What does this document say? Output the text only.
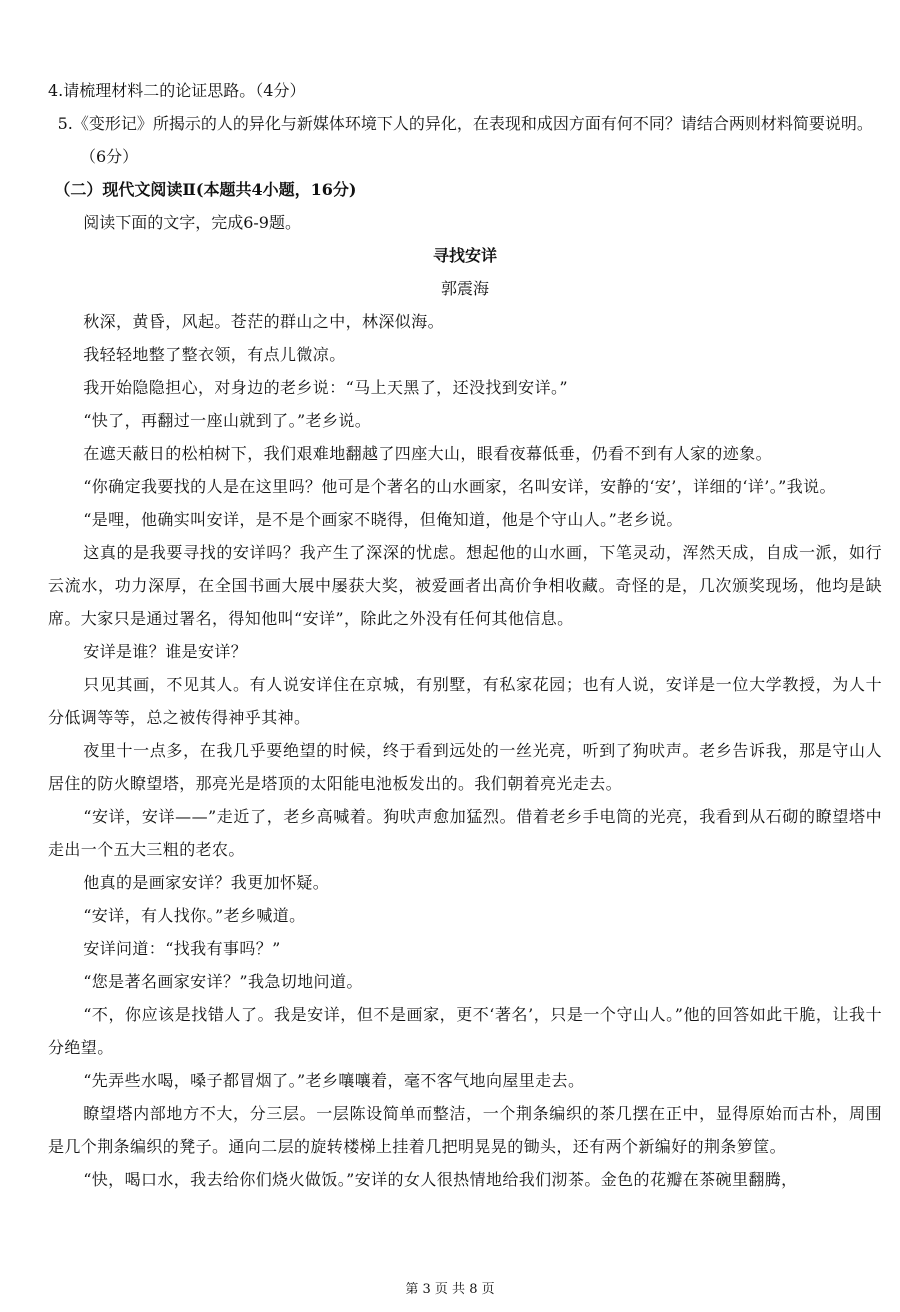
4.请梳理材料二的论证思路。（4分）

5.《变形记》所揭示的人的异化与新媒体环境下人的异化，在表现和成因方面有何不同？请结合两则材料简要说明。（6分）

（二）现代文阅读Ⅱ(本题共4小题，16分)

阅读下面的文字，完成6-9题。

寻找安详

郭震海

秋深，黄昏，风起。苍茫的群山之中，林深似海。

我轻轻地整了整衣领，有点儿微凉。

我开始隐隐担心，对身边的老乡说：“马上天黑了，还没找到安详。”

“快了，再翻过一座山就到了。”老乡说。

在遮天蔽日的松柏树下，我们艰难地翻越了四座大山，眼看夜幕低垂，仍看不到有人家的迹象。

“你确定我要找的人是在这里吗？他可是个著名的山水画家，名叫安详，安静的‘安’，详细的‘详’。”我说。

“是哩，他确实叫安详，是不是个画家不晓得，但俺知道，他是个守山人。”老乡说。

这真的是我要寻找的安详吗？我产生了深深的忧虑。想起他的山水画，下笔灵动，浑然天成，自成一派，如行云流水，功力深厚，在全国书画大展中屡获大奖，被爱画者出高价争相收藏。奇怪的是，几次颁奖现场，他均是缺席。大家只是通过署名，得知他叫“安详”，除此之外没有任何其他信息。

安详是谁？谁是安详？

只见其画，不见其人。有人说安详住在京城，有别墅，有私家花园；也有人说，安详是一位大学教授，为人十分低调等等，总之被传得神乎其神。

夜里十一点多，在我几乎要绝望的时候，终于看到远处的一丝光亮，听到了狗吠声。老乡告诉我，那是守山人居住的防火瞭望塔，那亮光是塔顶的太阳能电池板发出的。我们朝着亮光走去。

“安详，安详——”走近了，老乡高喊着。狗吠声愈加猛烈。借着老乡手电筒的光亮，我看到从石砌的瞭望塔中走出一个五大三粗的老农。

他真的是画家安详？我更加怀疑。

“安详，有人找你。”老乡喊道。

安详问道：“找我有事吗？”

“您是著名画家安详？”我急切地问道。

“不，你应该是找错人了。我是安详，但不是画家，更不‘著名’，只是一个守山人。”他的回答如此干脆，让我十分绝望。

“先弄些水喝，嗓子都冒烟了。”老乡嚷嚷着，毫不客气地向屋里走去。

瞭望塔内部地方不大，分三层。一层陈设简单而整洁，一个荆条编织的茶几摆在正中，显得原始而古朴，周围是几个荆条编织的凳子。通向二层的旋转楼梯上挂着几把明晃晃的锄头，还有两个新编好的荆条箩筐。

“快，喝口水，我去给你们烧火做饭。”安详的女人很热情地给我们沏茶。金色的花瓣在茶碗里翻腾，

第 3 页 共 8 页
